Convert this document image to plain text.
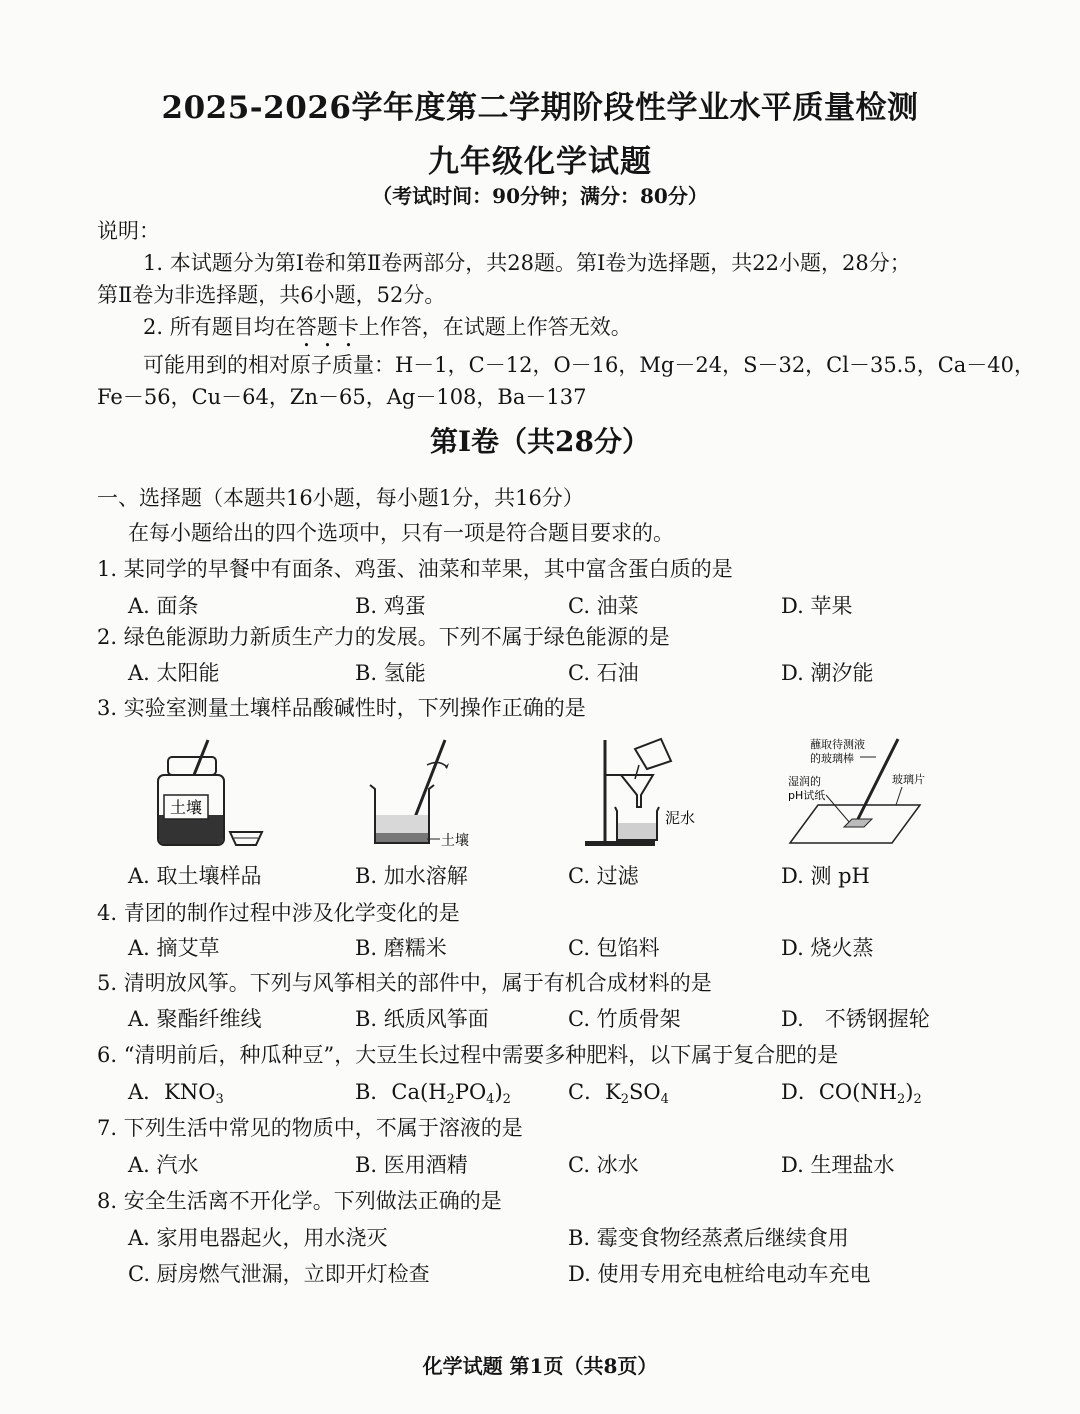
2025-2026学年度第二学期阶段性学业水平质量检测
九年级化学试题
（考试时间：90分钟；满分：80分）
说明：
1. 本试题分为第Ⅰ卷和第Ⅱ卷两部分，共28题。第Ⅰ卷为选择题，共22小题，28分；
第Ⅱ卷为非选择题，共6小题，52分。
2. 所有题目均在答题卡上作答，在试题上作答无效。
可能用到的相对原子质量：H－1，C－12，O－16，Mg－24，S－32，Cl－35.5，Ca－40，
Fe－56，Cu－64，Zn－65，Ag－108，Ba－137
第Ⅰ卷（共28分）
一、选择题（本题共16小题，每小题1分，共16分）
在每小题给出的四个选项中，只有一项是符合题目要求的。
1. 某同学的早餐中有面条、鸡蛋、油菜和苹果，其中富含蛋白质的是
A. 面条	B. 鸡蛋	C. 油菜	D. 苹果
2. 绿色能源助力新质生产力的发展。下列不属于绿色能源的是
A. 太阳能	B. 氢能	C. 石油	D. 潮汐能
3. 实验室测量土壤样品酸碱性时，下列操作正确的是
土壤
土壤
泥水
蘸取待测液
的玻璃棒
湿润的
pH试纸
玻璃片
A. 取土壤样品	B. 加水溶解	C. 过滤	D. 测 pH
4. 青团的制作过程中涉及化学变化的是
A. 摘艾草	B. 磨糯米	C. 包馅料	D. 烧火蒸
5. 清明放风筝。下列与风筝相关的部件中，属于有机合成材料的是
A. 聚酯纤维线	B. 纸质风筝面	C. 竹质骨架	D.　不锈钢握轮
6. “清明前后，种瓜种豆”，大豆生长过程中需要多种肥料，以下属于复合肥的是
A．$KNO_3$	B．$Ca(H_2PO_4)_2$	C．$K_2SO_4$	D．$CO(NH_2)_2$
7. 下列生活中常见的物质中，不属于溶液的是
A. 汽水	B. 医用酒精	C. 冰水	D. 生理盐水
8. 安全生活离不开化学。下列做法正确的是
A. 家用电器起火，用水浇灭	B. 霉变食物经蒸煮后继续食用
C. 厨房燃气泄漏，立即开灯检查	D. 使用专用充电桩给电动车充电
化学试题 第1页（共8页）
